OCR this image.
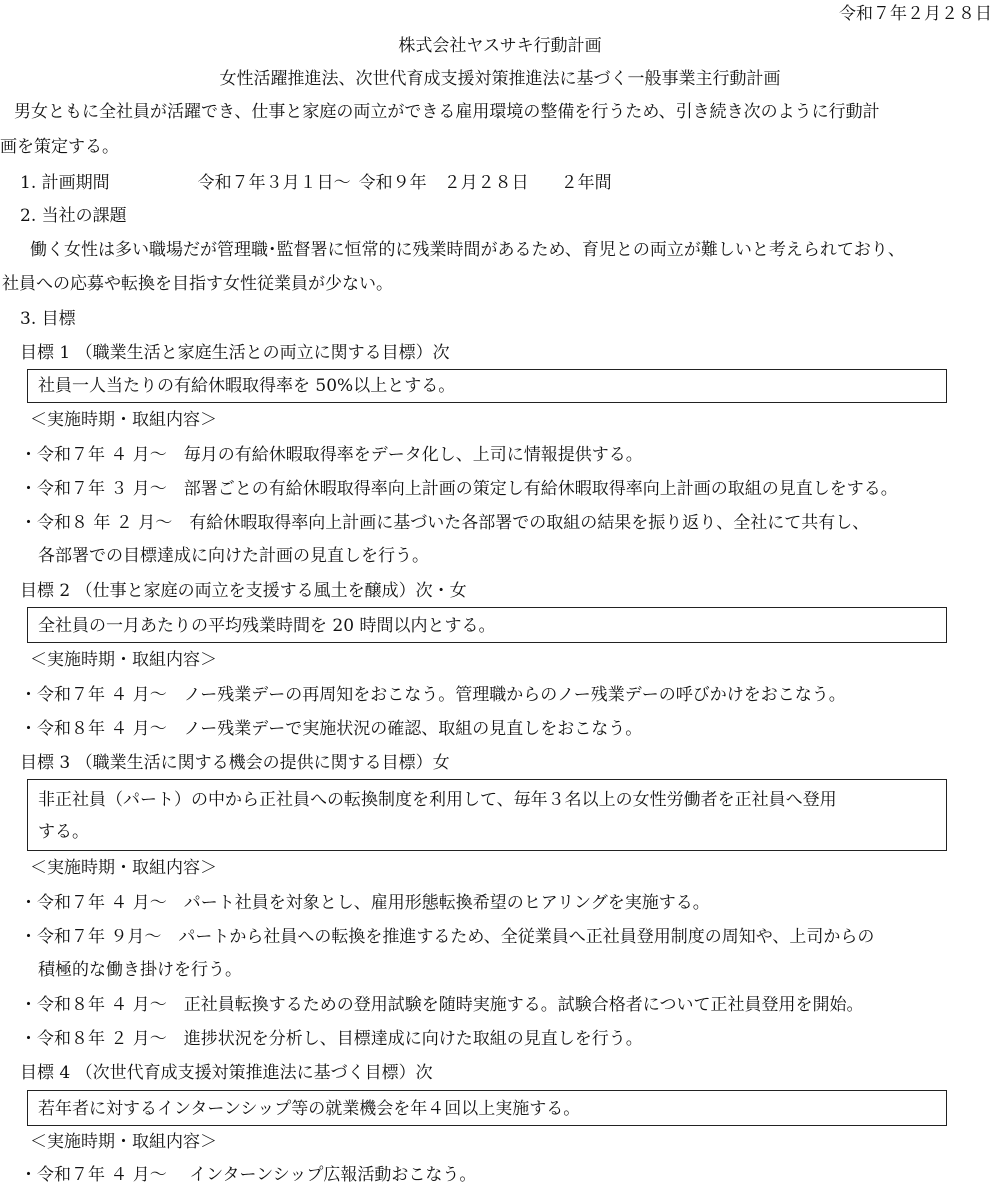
令和７年２月２８日
株式会社ヤスサキ行動計画
女性活躍推進法、次世代育成支援対策推進法に基づく一般事業主行動計画
男女ともに全社員が活躍でき、仕事と家庭の両立ができる雇用環境の整備を行うため、引き続き次のように行動計
画を策定する。
1. 計画期間	令和７年３月１日～ 令和９年　２月２８日 ２年間
2. 当社の課題
働く女性は多い職場だが管理職･監督署に恒常的に残業時間があるため、育児との両立が難しいと考えられており、
社員への応募や転換を目指す女性従業員が少ない。
3. 目標
目標 1 （職業生活と家庭生活との両立に関する目標）次
社員一人当たりの有給休暇取得率を 50%以上とする。
＜実施時期・取組内容＞
・令和７年 ４ 月～　毎月の有給休暇取得率をデータ化し、上司に情報提供する。
・令和７年 ３ 月～　部署ごとの有給休暇取得率向上計画の策定し有給休暇取得率向上計画の取組の見直しをする。
・令和８ 年 ２ 月～　有給休暇取得率向上計画に基づいた各部署での取組の結果を振り返り、全社にて共有し、
各部署での目標達成に向けた計画の見直しを行う。
目標 2 （仕事と家庭の両立を支援する風土を醸成）次・女
全社員の一月あたりの平均残業時間を 20 時間以内とする。
＜実施時期・取組内容＞
・令和７年 ４ 月～　ノー残業デーの再周知をおこなう。管理職からのノー残業デーの呼びかけをおこなう。
・令和８年 ４ 月～　ノー残業デーで実施状況の確認、取組の見直しをおこなう。
目標 3 （職業生活に関する機会の提供に関する目標）女
非正社員（パート）の中から正社員への転換制度を利用して、毎年３名以上の女性労働者を正社員へ登用
する。
＜実施時期・取組内容＞
・令和７年 ４ 月～　パート社員を対象とし、雇用形態転換希望のヒアリングを実施する。
・令和７年 ９月～　パートから社員への転換を推進するため、全従業員へ正社員登用制度の周知や、上司からの
積極的な働き掛けを行う。
・令和８年 ４ 月～　正社員転換するための登用試験を随時実施する。試験合格者について正社員登用を開始。
・令和８年 ２ 月～　進捗状況を分析し、目標達成に向けた取組の見直しを行う。
目標 4 （次世代育成支援対策推進法に基づく目標）次
若年者に対するインターンシップ等の就業機会を年４回以上実施する。
＜実施時期・取組内容＞
・令和７年 ４ 月～　 インターンシップ広報活動おこなう。
